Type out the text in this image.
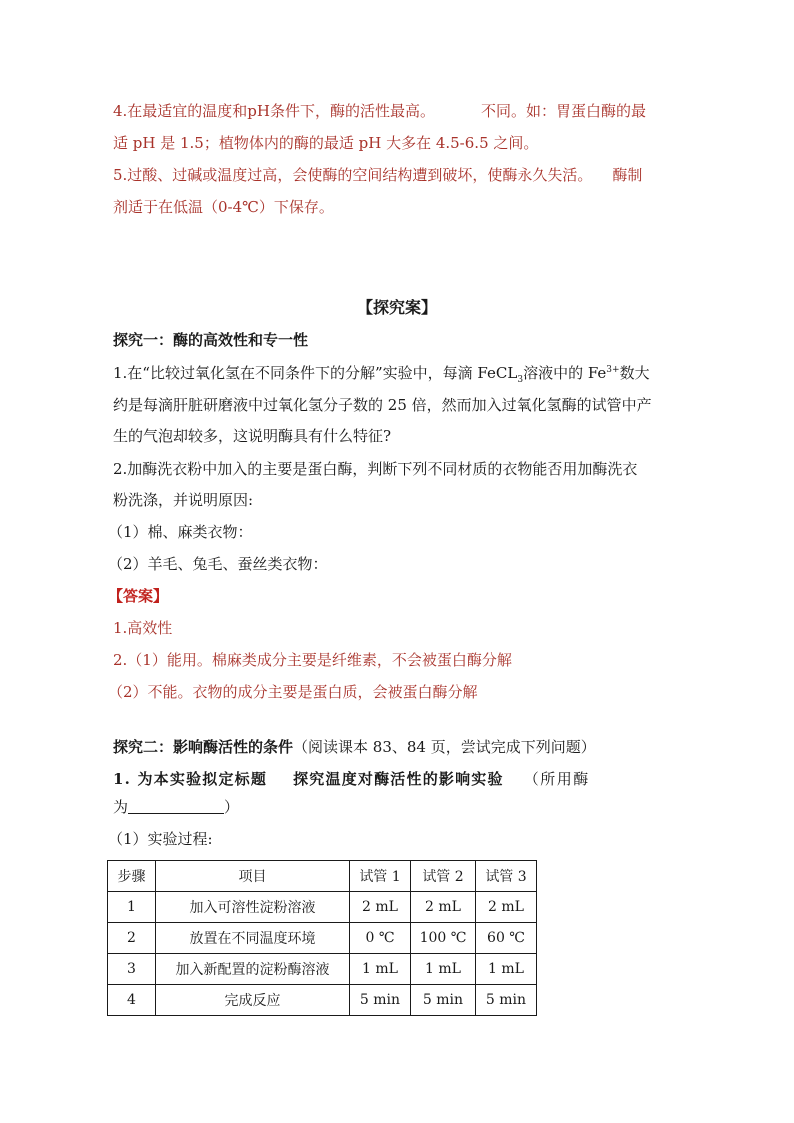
4.在最适宜的温度和pH条件下，酶的活性最高。	不同。如：胃蛋白酶的最
适 pH 是 1.5；植物体内的酶的最适 pH 大多在 4.5-6.5 之间。
5.过酸、过碱或温度过高，会使酶的空间结构遭到破坏，使酶永久失活。 酶制
剂适于在低温（0-4℃）下保存。
【探究案】
探究一：酶的高效性和专一性
1.在“比较过氧化氢在不同条件下的分解”实验中，每滴 FeCL$_3$溶液中的 $Fe^{3+}$数大
约是每滴肝脏研磨液中过氧化氢分子数的 25 倍，然而加入过氧化氢酶的试管中产
生的气泡却较多，这说明酶具有什么特征?
2.加酶洗衣粉中加入的主要是蛋白酶，判断下列不同材质的衣物能否用加酶洗衣
粉洗涤，并说明原因:
（1）棉、麻类衣物：
（2）羊毛、兔毛、蚕丝类衣物：
【答案】
1.高效性
2.（1）能用。棉麻类成分主要是纤维素，不会被蛋白酶分解
（2）不能。衣物的成分主要是蛋白质，会被蛋白酶分解
探究二：影响酶活性的条件（阅读课本 83、84 页，尝试完成下列问题）
1. 为本实验拟定标题 探究温度对酶活性的影响实验 （所用酶
为	）
（1）实验过程:
步骤	项目	试管 1	试管 2	试管 3
1	加入可溶性淀粉溶液	2 mL	2 mL	2 mL
2	放置在不同温度环境	0 ℃	100 ℃	60 ℃
3	加入新配置的淀粉酶溶液	1 mL	1 mL	1 mL
4	完成反应	5 min	5 min	5 min
